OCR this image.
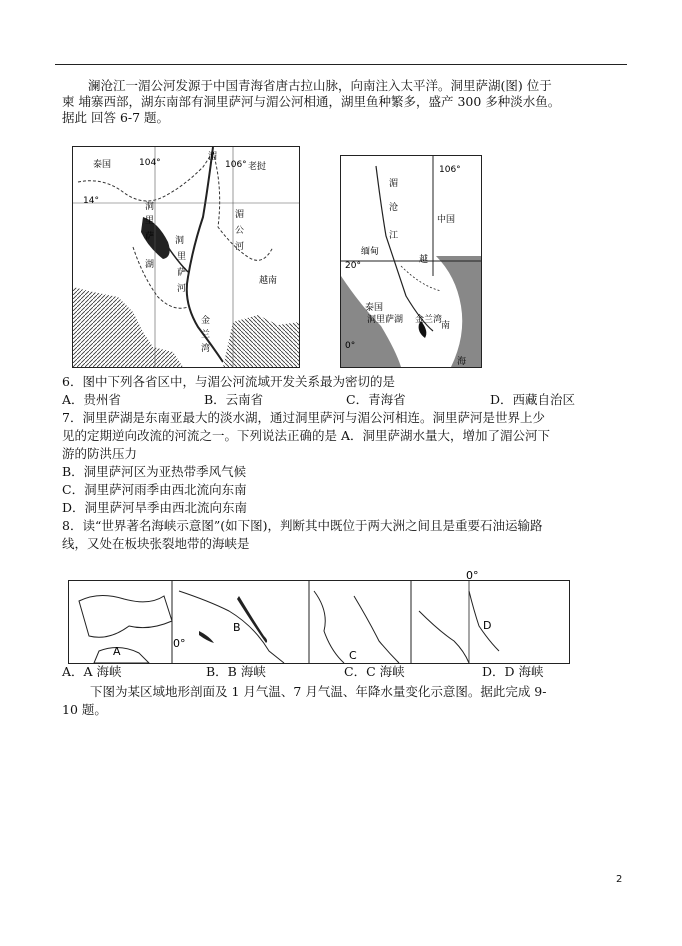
澜沧江一湄公河发源于中国青海省唐古拉山脉，向南注入太平洋。洞里萨湖(图) 位于
柬 埔寨西部，湖东南部有洞里萨河与湄公河相通，湖里鱼种繁多，盛产 300 多种淡水鱼。
据此 回答 6-7 题。
泰国	104°
湄
106° 老挝
14°
洞
湄
里
公
洞
萨
河
湖
里
越南
萨
河
金
兰
湾
106°
湄
中国
沧
缅甸
越
20°
江
泰国
南
洞里萨湖 金兰湾
0°
海
6．图中下列各省区中，与湄公河流域开发关系最为密切的是
A．贵州省	B．云南省	C．青海省	D．西藏自治区
7．洞里萨湖是东南亚最大的淡水湖，通过洞里萨河与湄公河相连。洞里萨河是世界上少
见的定期逆向改流的河流之一。下列说法正确的是 A．洞里萨湖水量大，增加了湄公河下
游的防洪压力
B．洞里萨河区为亚热带季风气候
C．洞里萨河雨季由西北流向东南
D．洞里萨河旱季由西北流向东南
8．读“世界著名海峡示意图”(如下图)，判断其中既位于两大洲之间且是重要石油运输路
线，又处在板块张裂地带的海峡是
A
B
0°
C
0°
D
A．A 海峡	B．B 海峡	C．C 海峡	D．D 海峡
下图为某区域地形剖面及 1 月气温、7 月气温、年降水量变化示意图。据此完成 9-
10 题。
2
